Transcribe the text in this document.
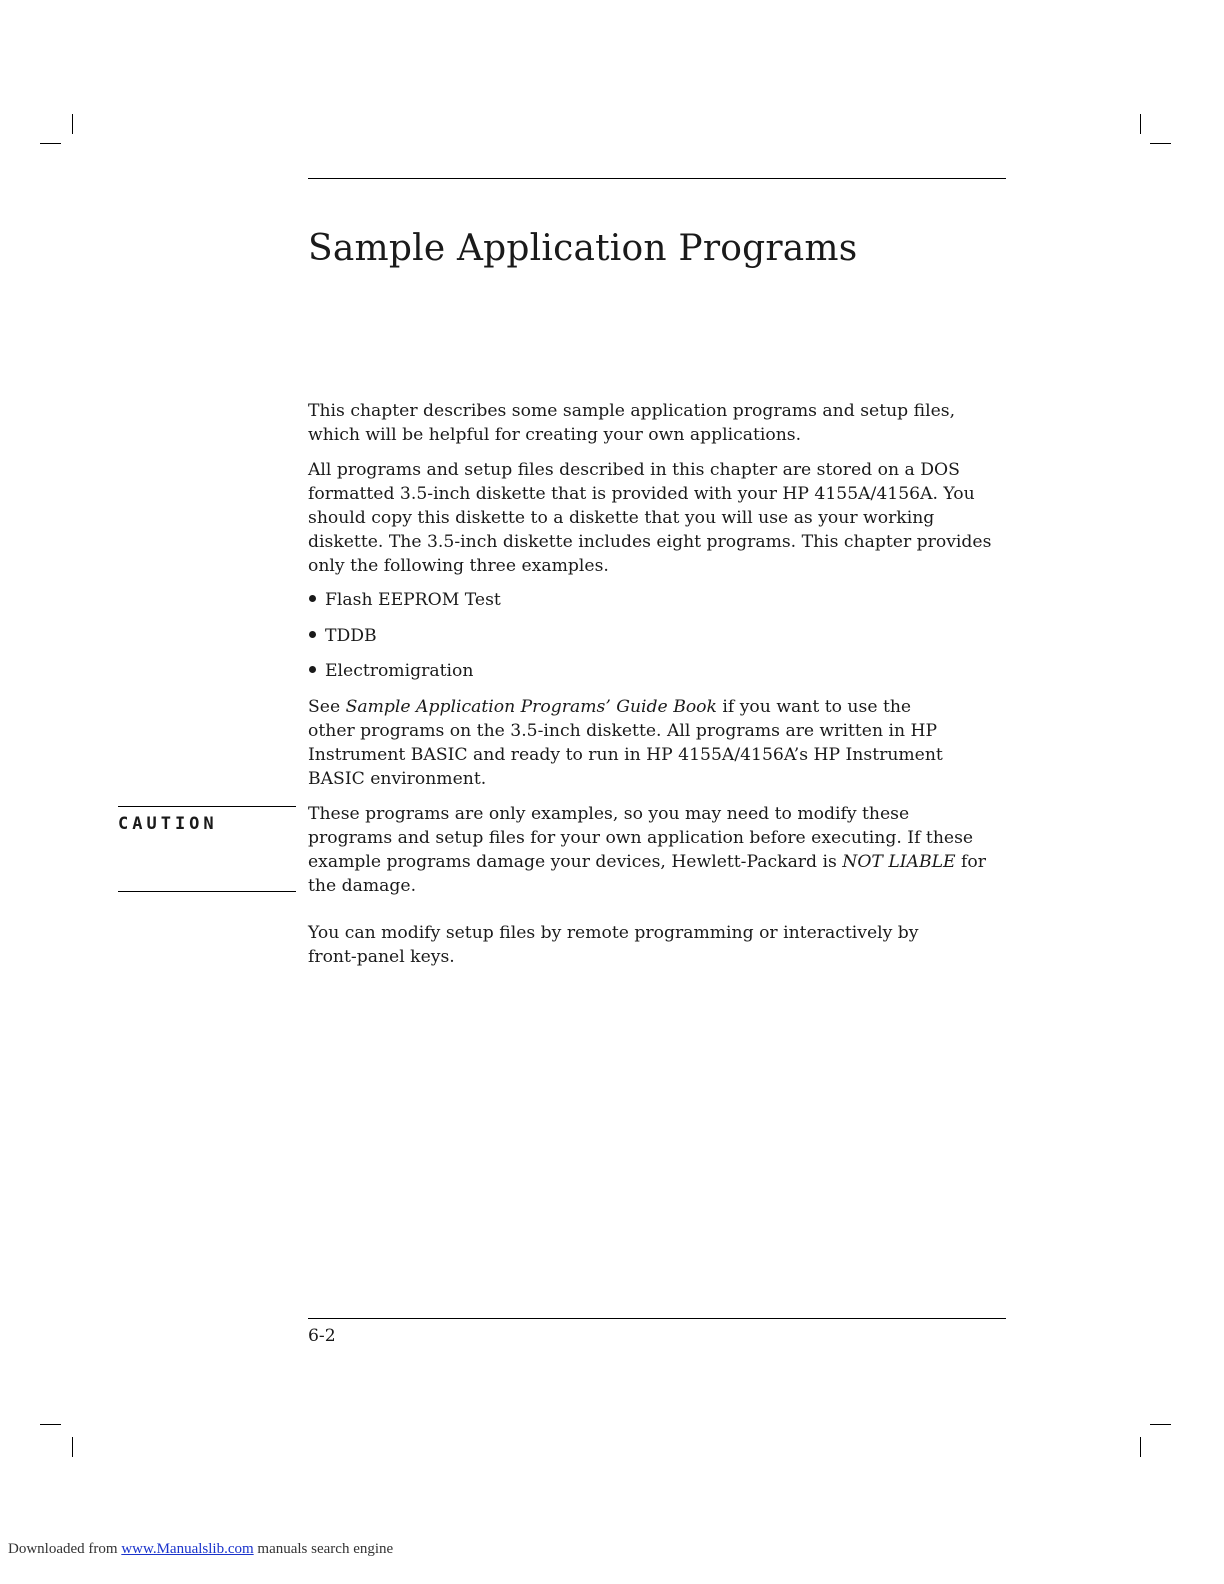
Sample Application Programs

This chapter describes some sample application programs and setup files,
which will be helpful for creating your own applications.

All programs and setup files described in this chapter are stored on a DOS
formatted 3.5-inch diskette that is provided with your HP 4155A/4156A. You
should copy this diskette to a diskette that you will use as your working
diskette. The 3.5-inch diskette includes eight programs. This chapter provides
only the following three examples.

Flash EEPROM Test
TDDB
Electromigration

See Sample Application Programs’ Guide Book if you want to use the
other programs on the 3.5-inch diskette. All programs are written in HP
Instrument BASIC and ready to run in HP 4155A/4156A’s HP Instrument
BASIC environment.

CAUTION	These programs are only examples, so you may need to modify these
programs and setup files for your own application before executing. If these
example programs damage your devices, Hewlett-Packard is NOT LIABLE for
the damage.

You can modify setup files by remote programming or interactively by
front-panel keys.

6-2
Downloaded from www.Manualslib.com manuals search engine
